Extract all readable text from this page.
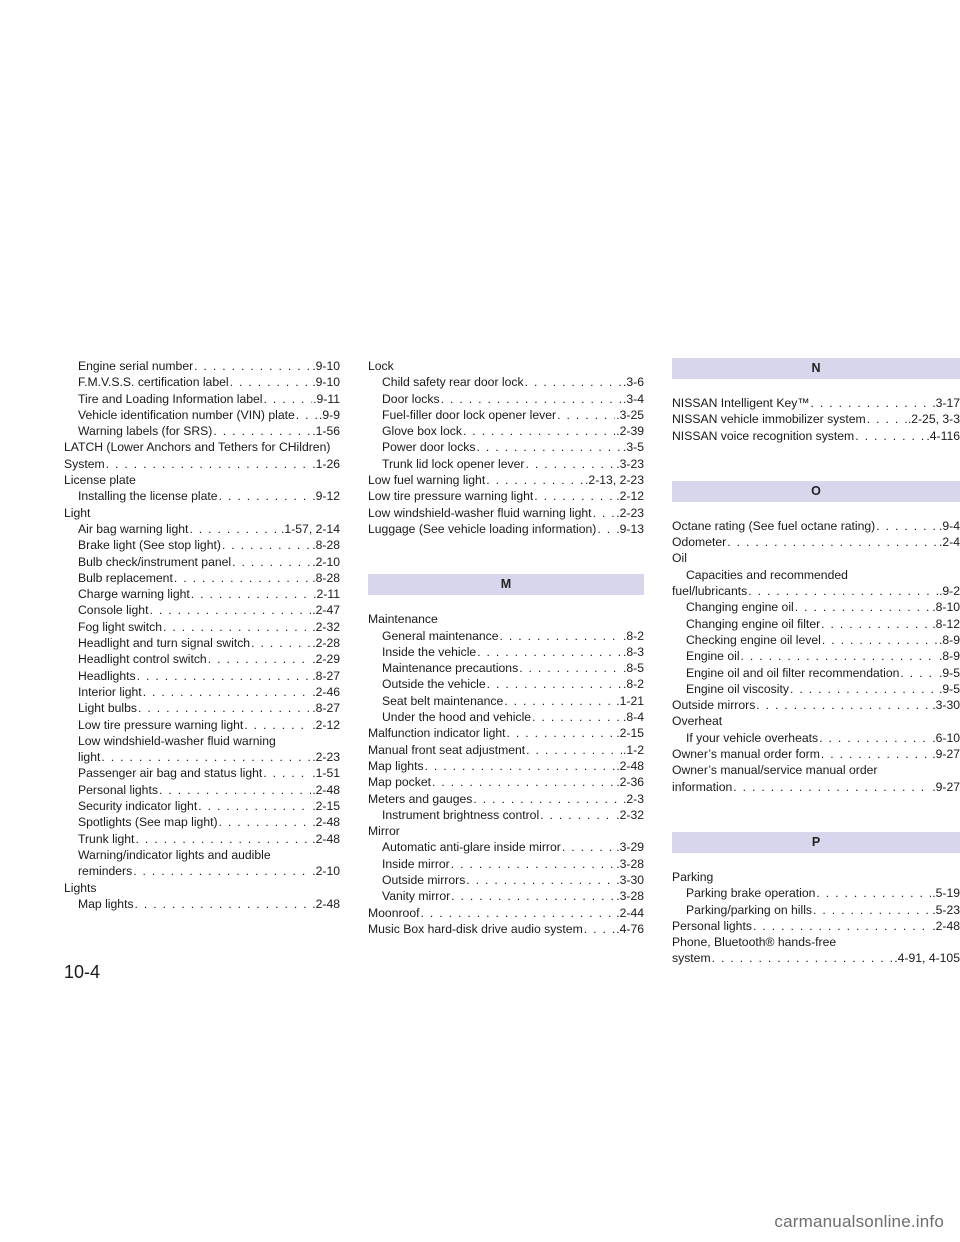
Engine serial number . . .	.9-10
F.M.V.S.S. certification label . . .	.9-10
Tire and Loading Information label . . .	.9-11
Vehicle identification number (VIN) plate . . . .9-9
Warning labels (for SRS) . . .	.1-56
LATCH (Lower Anchors and Tethers for CHildren)
System . . .	.1-26
License plate
Installing the license plate . . .	.9-12
Light
Air bag warning light . . .	.1-57, 2-14
Brake light (See stop light) . . .	.8-28
Bulb check/instrument panel . . .	.2-10
Bulb replacement . . .	.8-28
Charge warning light . . .	.2-11
Console light . . .	.2-47
Fog light switch . . .	.2-32
Headlight and turn signal switch . . .	.2-28
Headlight control switch . . .	.2-29
Headlights . . .	.8-27
Interior light . . .	.2-46
Light bulbs . . .	.8-27
Low tire pressure warning light . . .	.2-12
Low windshield-washer fluid warning
light . . .	.2-23
Passenger air bag and status light . . .	.1-51
Personal lights . . .	.2-48
Security indicator light . . .	.2-15
Spotlights (See map light) . . .	.2-48
Trunk light . . .	.2-48
Warning/indicator lights and audible
reminders . . .	.2-10
Lights
Map lights . . .	.2-48
Lock
Child safety rear door lock . . .	.3-6
Door locks . . .	.3-4
Fuel-filler door lock opener lever . . .	.3-25
Glove box lock . . .	.2-39
Power door locks . . .	.3-5
Trunk lid lock opener lever . . .	.3-23
Low fuel warning light . . .	.2-13, 2-23
Low tire pressure warning light . . .	.2-12
Low windshield-washer fluid warning light . . . .2-23
Luggage (See vehicle loading information) . . . .9-13
M
Maintenance
General maintenance . . .	.8-2
Inside the vehicle . . .	.8-3
Maintenance precautions . . .	.8-5
Outside the vehicle . . .	.8-2
Seat belt maintenance . . .	.1-21
Under the hood and vehicle . . .	.8-4
Malfunction indicator light . . .	.2-15
Manual front seat adjustment . . .	.1-2
Map lights . . .	.2-48
Map pocket . . .	.2-36
Meters and gauges . . .	.2-3
Instrument brightness control . . .	.2-32
Mirror
Automatic anti-glare inside mirror . . .	.3-29
Inside mirror . . .	.3-28
Outside mirrors . . .	.3-30
Vanity mirror . . .	.3-28
Moonroof . . .	.2-44
Music Box hard-disk drive audio system . . .	.4-76
N
NISSAN Intelligent Key™ . . .	.3-17
NISSAN vehicle immobilizer system . . .	.2-25, 3-3
NISSAN voice recognition system . . .	.4-116
O
Octane rating (See fuel octane rating) . . .	.9-4
Odometer . . .	.2-4
Oil
Capacities and recommended
fuel/lubricants . . .	.9-2
Changing engine oil . . .	.8-10
Changing engine oil filter . . .	.8-12
Checking engine oil level . . .	.8-9
Engine oil . . .	.8-9
Engine oil and oil filter recommendation . . .	.9-5
Engine oil viscosity . . .	.9-5
Outside mirrors . . .	.3-30
Overheat
If your vehicle overheats . . .	.6-10
Owner’s manual order form . . .	.9-27
Owner’s manual/service manual order
information . . .	.9-27
P
Parking
Parking brake operation . . .	.5-19
Parking/parking on hills . . .	.5-23
Personal lights . . .	.2-48
Phone, Bluetooth® hands-free
system . . .	.4-91, 4-105
10-4
carmanualsonline.info
